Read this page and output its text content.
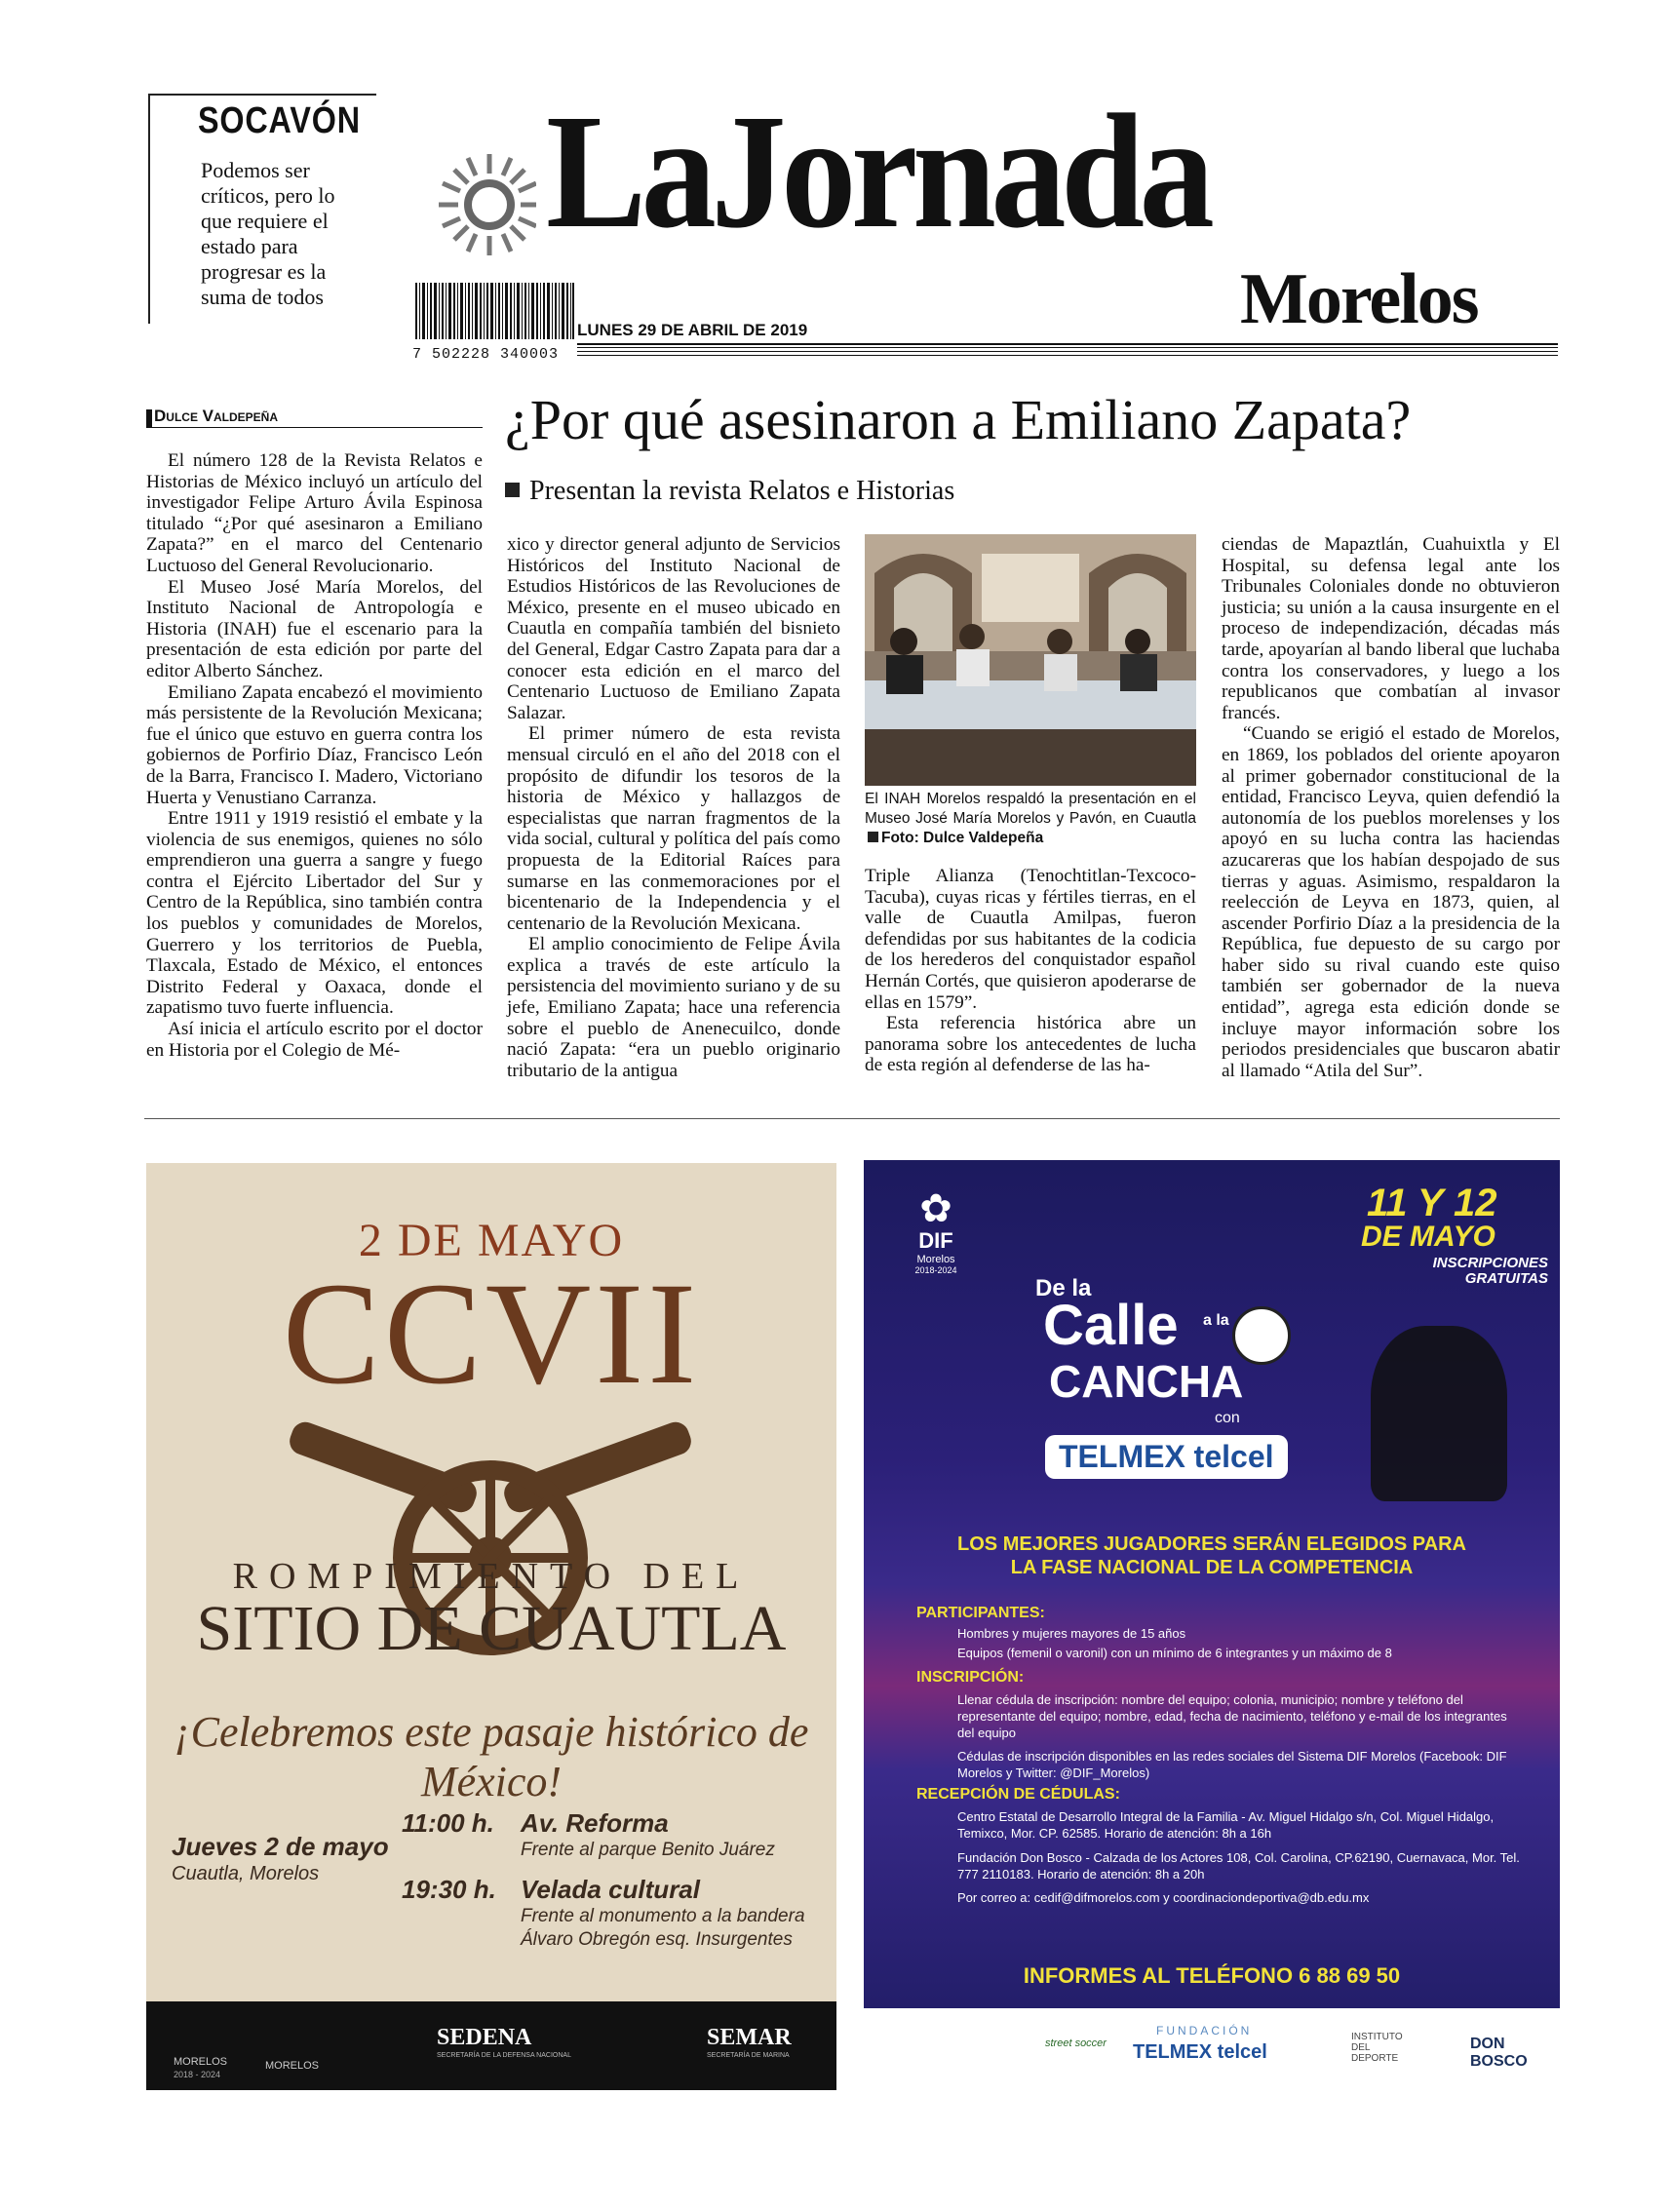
SOCAVÓN
Podemos ser críticos, pero lo que requiere el estado para progresar es la suma de todos
LaJornada
Morelos
7 502228 340003
LUNES 29 DE ABRIL DE 2019
Dulce Valdepeña	¿Por qué asesinaron a Emiliano Zapata?
Presentan la revista Relatos e Historias

El número 128 de la Revista Relatos e Historias de México incluyó un artículo del investigador Felipe Arturo Ávila Espinosa titulado “¿Por qué asesinaron a Emiliano Zapata?” en el marco del Centenario Luctuoso del General Revolucionario.

El Museo José María Morelos, del Instituto Nacional de Antropología e Historia (INAH) fue el escenario para la presentación de esta edición por parte del editor Alberto Sánchez.

Emiliano Zapata encabezó el movimiento más persistente de la Revolución Mexicana; fue el único que estuvo en guerra contra los gobiernos de Porfirio Díaz, Francisco León de la Barra, Francisco I. Madero, Victoriano Huerta y Venustiano Carranza.

Entre 1911 y 1919 resistió el embate y la violencia de sus enemigos, quienes no sólo emprendieron una guerra a sangre y fuego contra el Ejército Libertador del Sur y Centro de la República, sino también contra los pueblos y comunidades de Morelos, Guerrero y los territorios de Puebla, Tlaxcala, Estado de México, el entonces Distrito Federal y Oaxaca, donde el zapatismo tuvo fuerte influencia.

Así inicia el artículo escrito por el doctor en Historia por el Colegio de Mé-

xico y director general adjunto de Servicios Históricos del Instituto Nacional de Estudios Históricos de las Revoluciones de México, presente en el museo ubicado en Cuautla en compañía también del bisnieto del General, Edgar Castro Zapata para dar a conocer esta edición en el marco del Centenario Luctuoso de Emiliano Zapata Salazar.

El primer número de esta revista mensual circuló en el año del 2018 con el propósito de difundir los tesoros de la historia de México y hallazgos de especialistas que narran fragmentos de la vida social, cultural y política del país como propuesta de la Editorial Raíces para sumarse en las conmemoraciones por el bicentenario de la Independencia y el centenario de la Revolución Mexicana.

El amplio conocimiento de Felipe Ávila explica a través de este artículo la persistencia del movimiento suriano y de su jefe, Emiliano Zapata; hace una referencia sobre el pueblo de Anenecuilco, donde nació Zapata: “era un pueblo originario tributario de la antigua

El INAH Morelos respaldó la presentación en el Museo José María Morelos y Pavón, en Cuautla Foto: Dulce Valdepeña

Triple Alianza (Tenochtitlan-Texcoco-Tacuba), cuyas ricas y fértiles tierras, en el valle de Cuautla Amilpas, fueron defendidas por sus habitantes de la codicia de los herederos del conquistador español Hernán Cortés, que quisieron apoderarse de ellas en 1579”.

Esta referencia histórica abre un panorama sobre los antecedentes de lucha de esta región al defenderse de las ha-

ciendas de Mapaztlán, Cuahuixtla y El Hospital, su defensa legal ante los Tribunales Coloniales donde no obtuvieron justicia; su unión a la causa insurgente en el proceso de independización, décadas más tarde, apoyarían al bando liberal que luchaba contra los conservadores, y luego a los republicanos que combatían al invasor francés.

“Cuando se erigió el estado de Morelos, en 1869, los poblados del oriente apoyaron al primer gobernador constitucional de la entidad, Francisco Leyva, quien defendió la autonomía de los pueblos morelenses y los apoyó en su lucha contra las haciendas azucareras que los habían despojado de sus tierras y aguas. Asimismo, respaldaron la reelección de Leyva en 1873, quien, al ascender Porfirio Díaz a la presidencia de la República, fue depuesto de su cargo por haber sido su rival cuando este quiso también ser gobernador de la nueva entidad”, agrega esta edición donde se incluye mayor información sobre los periodos presidenciales que buscaron abatir al llamado “Atila del Sur”.

2 DE MAYO
CCVII
ROMPIMIENTO DEL
SITIO DE CUAUTLA
¡Celebremos este pasaje histórico de México!
Jueves 2 de mayo
Cuautla, Morelos
11:00 h. Av. Reforma
Frente al parque Benito Juárez
19:30 h. Velada cultural
Frente al monumento a la bandera
Álvaro Obregón esq. Insurgentes
MORELOS
2018 - 2024
MORELOS
SEDENA
SECRETARÍA DE LA DEFENSA NACIONAL
SEMAR
SECRETARÍA DE MARINA
✿
DIF
Morelos
2018-2024
11 Y 12
DE MAYO
INSCRIPCIONES GRATUITAS
De la
Calle a la
CANCHA
con
TELMEX telcel
LOS MEJORES JUGADORES SERÁN ELEGIDOS PARA
LA FASE NACIONAL DE LA COMPETENCIA
PARTICIPANTES:
Hombres y mujeres mayores de 15 años
Equipos (femenil o varonil) con un mínimo de 6 integrantes y un máximo de 8
INSCRIPCIÓN:
Llenar cédula de inscripción: nombre del equipo; colonia, municipio; nombre y teléfono del representante del equipo; nombre, edad, fecha de nacimiento, teléfono y e-mail de los integrantes del equipo
Cédulas de inscripción disponibles en las redes sociales del Sistema DIF Morelos (Facebook: DIF Morelos y Twitter: @DIF_Morelos)
RECEPCIÓN DE CÉDULAS:
Centro Estatal de Desarrollo Integral de la Familia - Av. Miguel Hidalgo s/n, Col. Miguel Hidalgo, Temixco, Mor. CP. 62585. Horario de atención: 8h a 16h
Fundación Don Bosco - Calzada de los Actores 108, Col. Carolina, CP.62190, Cuernavaca, Mor. Tel. 777 2110183. Horario de atención: 8h a 20h
Por correo a: cedif@difmorelos.com y coordinaciondeportiva@db.edu.mx
INFORMES AL TELÉFONO 6 88 69 50
street soccer
FUNDACIÓN
TELMEX telcel
INSTITUTO DEL DEPORTE
DON BOSCO
